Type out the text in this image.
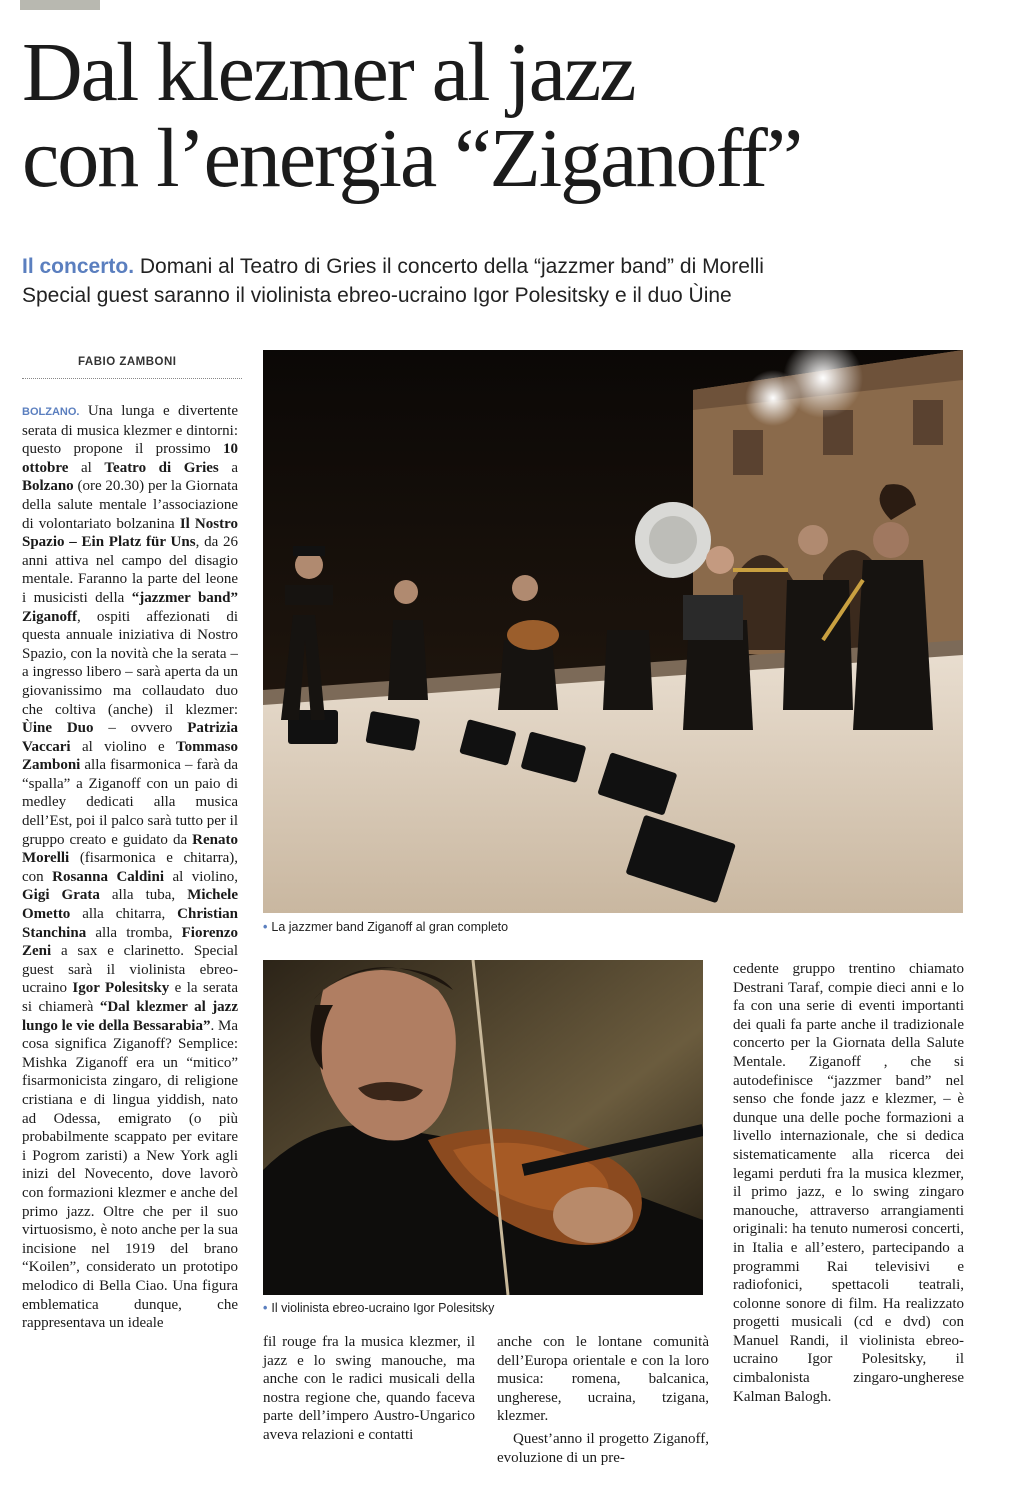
Dal klezmer al jazz
con l’energia “Ziganoff”
Il concerto. Domani al Teatro di Gries il concerto della “jazzmer band” di Morelli
Special guest saranno il violinista ebreo-ucraino Igor Polesitsky e il duo Ùine
FABIO ZAMBONI

BOLZANO. Una lunga e divertente serata di musica klezmer e dintorni: questo propone il prossimo 10 ottobre al Teatro di Gries a Bolzano (ore 20.30) per la Giornata della salute mentale l’associazione di volontariato bolzanina Il Nostro Spazio – Ein Platz für Uns, da 26 anni attiva nel campo del disagio mentale. Faranno la parte del leone i musicisti della “jazzmer band” Ziganoff, ospiti affezionati di questa annuale iniziativa di Nostro Spazio, con la novità che la serata – a ingresso libero – sarà aperta da un giovanissimo ma collaudato duo che coltiva (anche) il klezmer: Ùine Duo – ovvero Patrizia Vaccari al violino e Tommaso Zamboni alla fisarmonica – farà da “spalla” a Ziganoff con un paio di medley dedicati alla musica dell’Est, poi il palco sarà tutto per il gruppo creato e guidato da Renato Morelli (fisarmonica e chitarra), con Rosanna Caldini al violino, Gigi Grata alla tuba, Michele Ometto alla chitarra, Christian Stanchina alla tromba, Fiorenzo Zeni a sax e clarinetto. Special guest sarà il violinista ebreo-ucraino Igor Polesitsky e la serata si chiamerà “Dal klezmer al jazz lungo le vie della Bessarabia”. Ma cosa significa Ziganoff? Semplice: Mishka Ziganoff era un “mitico” fisarmonicista zingaro, di religione cristiana e di lingua yiddish, nato ad Odessa, emigrato (o più probabilmente scappato per evitare i Pogrom zaristi) a New York agli inizi del Novecento, dove lavorò con formazioni klezmer e anche del primo jazz. Oltre che per il suo virtuosismo, è noto anche per la sua incisione nel 1919 del brano “Koilen”, considerato un prototipo melodico di Bella Ciao. Una figura emblematica dunque, che rappresentava un ideale

• La jazzmer band Ziganoff al gran completo
• Il violinista ebreo-ucraino Igor Polesitsky

fil rouge fra la musica klezmer, il jazz e lo swing manouche, ma anche con le radici musicali della nostra regione che, quando faceva parte dell’impero Austro-Ungarico aveva relazioni e contatti

anche con le lontane comunità dell’Europa orientale e con la loro musica: romena, balcanica, ungherese, ucraina, tzigana, klezmer.

Quest’anno il progetto Ziganoff, evoluzione di un pre-

cedente gruppo trentino chiamato Destrani Taraf, compie dieci anni e lo fa con una serie di eventi importanti dei quali fa parte anche il tradizionale concerto per la Giornata della Salute Mentale. Ziganoff , che si autodefinisce “jazzmer band” nel senso che fonde jazz e klezmer, – è dunque una delle poche formazioni a livello internazionale, che si dedica sistematicamente alla ricerca dei legami perduti fra la musica klezmer, il primo jazz, e lo swing zingaro manouche, attraverso arrangiamenti originali: ha tenuto numerosi concerti, in Italia e all’estero, partecipando a programmi Rai televisivi e radiofonici, spettacoli teatrali, colonne sonore di film. Ha realizzato progetti musicali (cd e dvd) con Manuel Randi, il violinista ebreo-ucraino Igor Polesitsky, il cimbalonista zingaro-ungherese Kalman Balogh.
